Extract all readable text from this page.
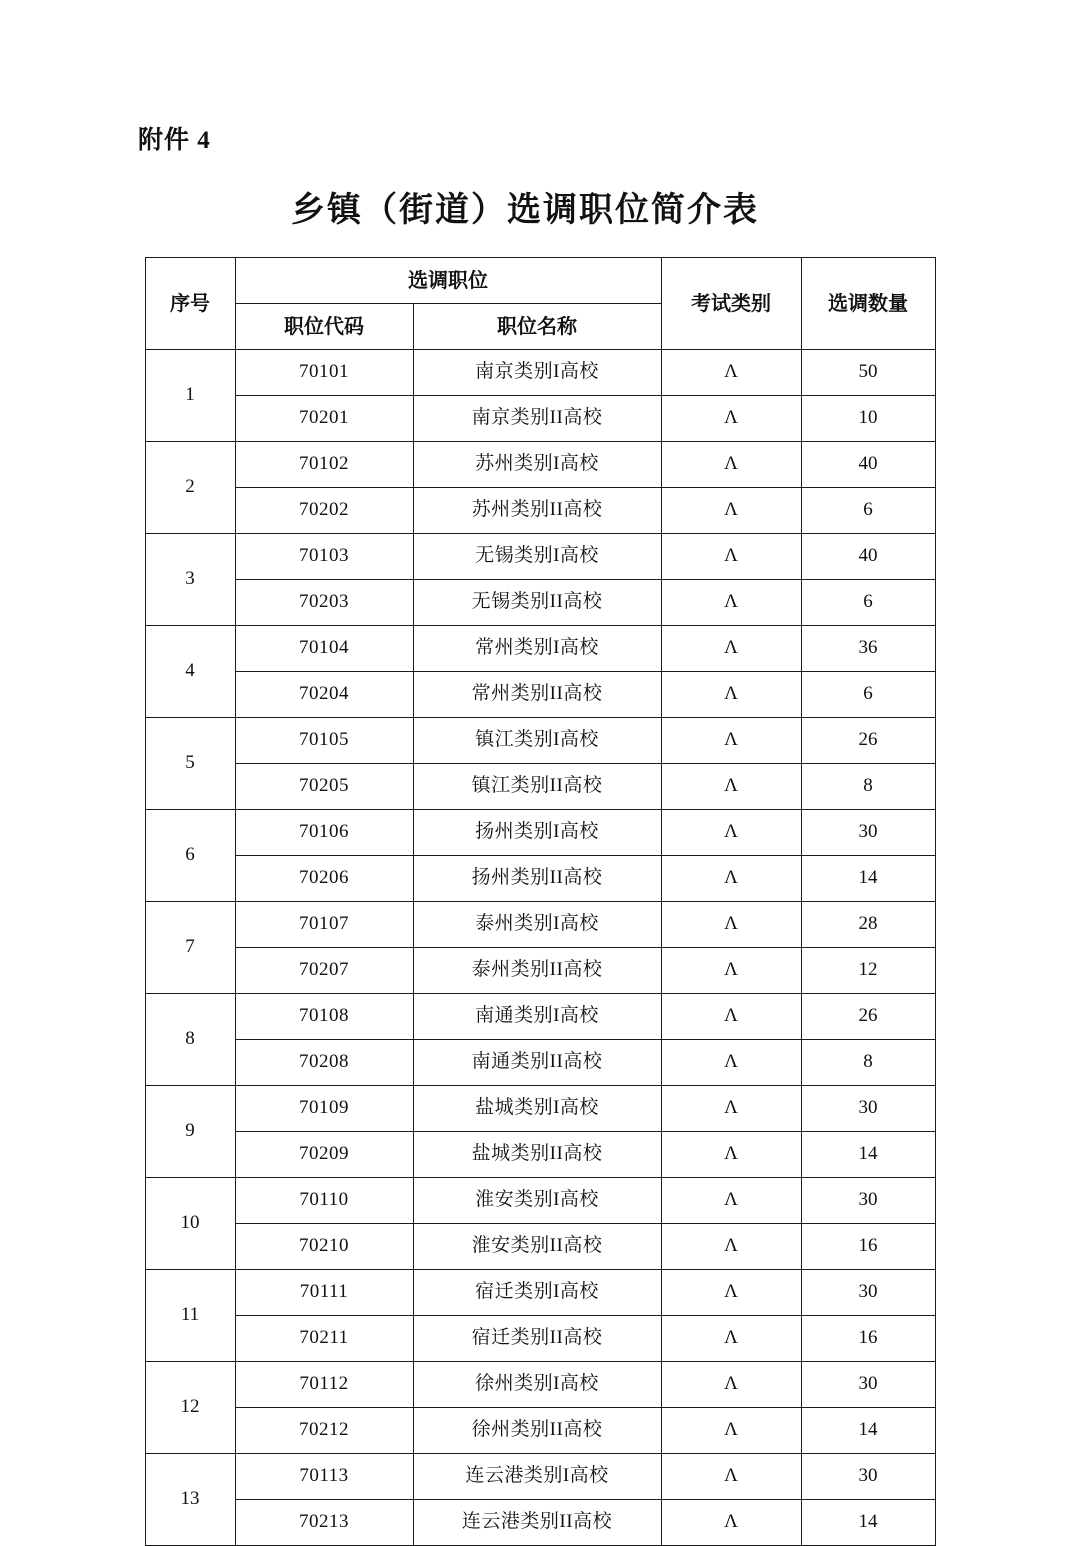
附件 4
乡镇（街道）选调职位简介表
序号	选调职位		考试类别	选调数量
	职位代码	职位名称		
1	70101	南京类别I高校	Λ	50
	70201	南京类别II高校	Λ	10
2	70102	苏州类别I高校	Λ	40
	70202	苏州类别II高校	Λ	6
3	70103	无锡类别I高校	Λ	40
	70203	无锡类别II高校	Λ	6
4	70104	常州类别I高校	Λ	36
	70204	常州类别II高校	Λ	6
5	70105	镇江类别I高校	Λ	26
	70205	镇江类别II高校	Λ	8
6	70106	扬州类别I高校	Λ	30
	70206	扬州类别II高校	Λ	14
7	70107	泰州类别I高校	Λ	28
	70207	泰州类别II高校	Λ	12
8	70108	南通类别I高校	Λ	26
	70208	南通类别II高校	Λ	8
9	70109	盐城类别I高校	Λ	30
	70209	盐城类别II高校	Λ	14
10	70110	淮安类别I高校	Λ	30
	70210	淮安类别II高校	Λ	16
11	70111	宿迁类别I高校	Λ	30
	70211	宿迁类别II高校	Λ	16
12	70112	徐州类别I高校	Λ	30
	70212	徐州类别II高校	Λ	14
13	70113	连云港类别I高校	Λ	30
	70213	连云港类别II高校	Λ	14
